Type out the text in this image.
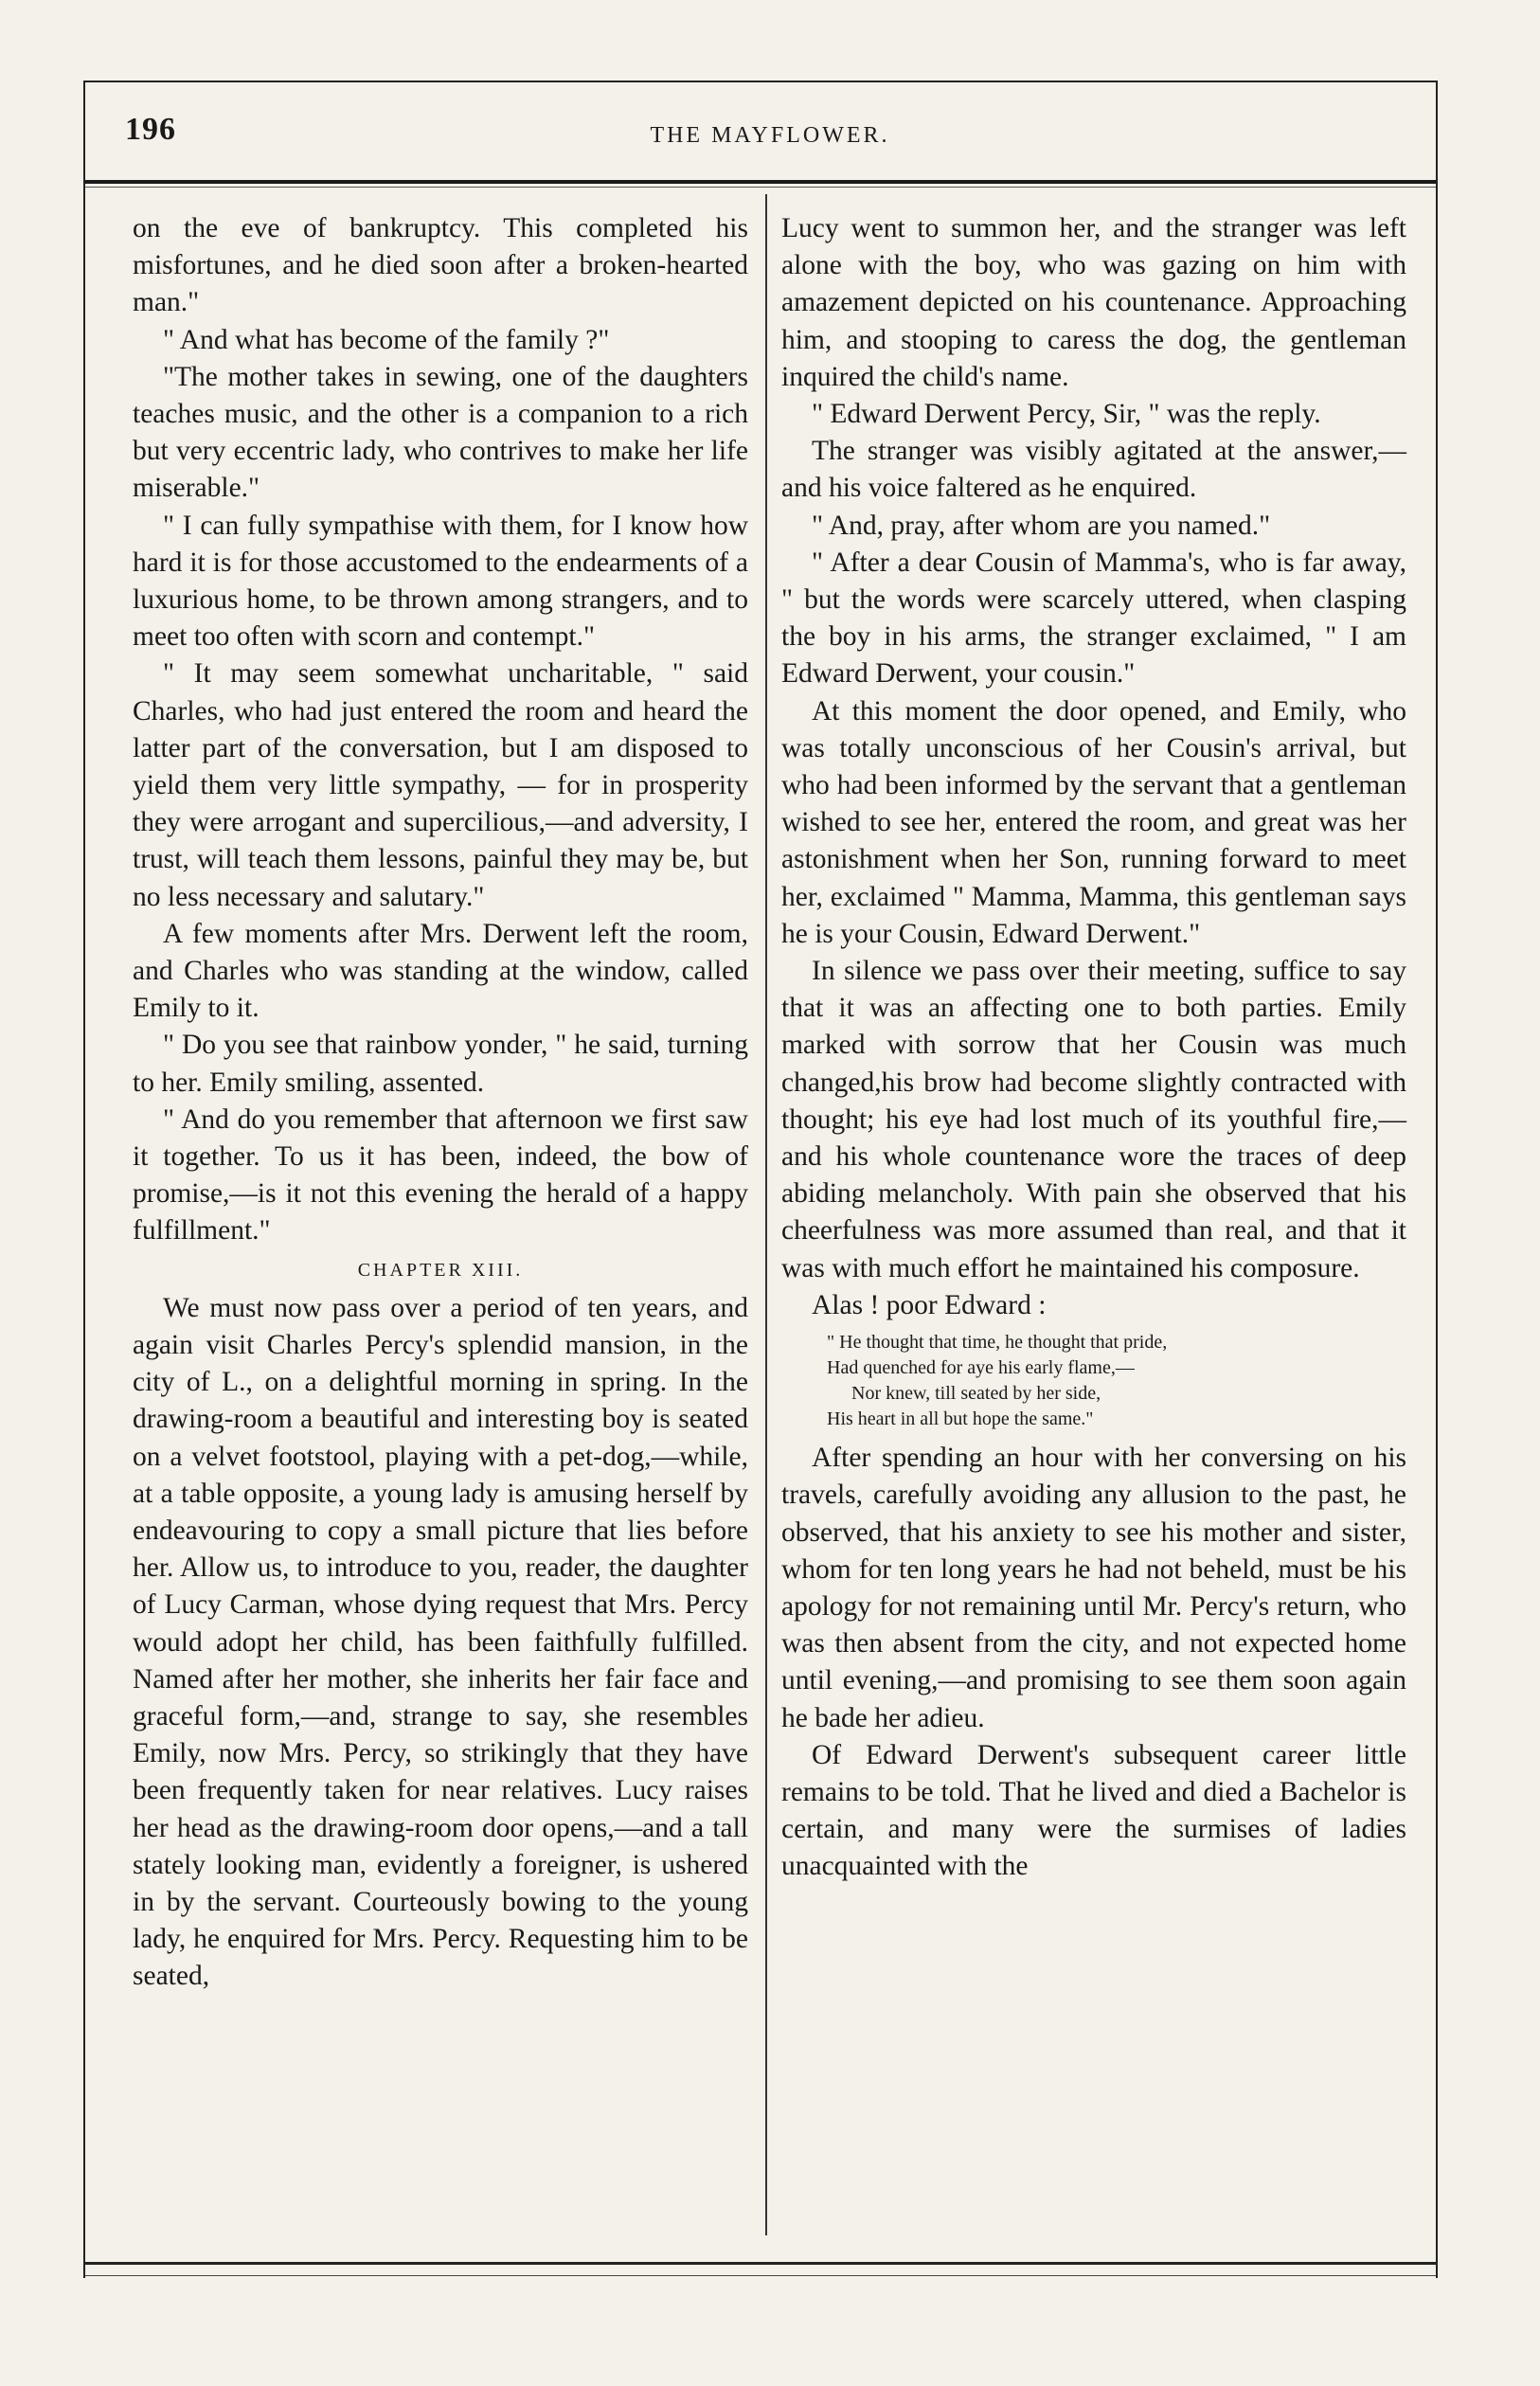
196	THE MAYFLOWER.

on the eve of bankruptcy. This completed his misfortunes, and he died soon after a broken-hearted man."

" And what has become of the family ?"

"The mother takes in sewing, one of the daughters teaches music, and the other is a companion to a rich but very eccentric lady, who contrives to make her life miserable."

" I can fully sympathise with them, for I know how hard it is for those accustomed to the endearments of a luxurious home, to be thrown among strangers, and to meet too often with scorn and contempt."

" It may seem somewhat uncharitable, " said Charles, who had just entered the room and heard the latter part of the conversation, but I am disposed to yield them very little sympathy, — for in prosperity they were arrogant and supercilious,—and adversity, I trust, will teach them lessons, painful they may be, but no less necessary and salutary."

A few moments after Mrs. Derwent left the room, and Charles who was standing at the window, called Emily to it.

" Do you see that rainbow yonder, " he said, turning to her. Emily smiling, assented.

" And do you remember that afternoon we first saw it together. To us it has been, indeed, the bow of promise,—is it not this evening the herald of a happy fulfillment."

CHAPTER XIII.

We must now pass over a period of ten years, and again visit Charles Percy's splendid mansion, in the city of L., on a delightful morning in spring. In the drawing-room a beautiful and interesting boy is seated on a velvet footstool, playing with a pet-dog,—while, at a table opposite, a young lady is amusing herself by endeavouring to copy a small picture that lies before her. Allow us, to introduce to you, reader, the daughter of Lucy Carman, whose dying request that Mrs. Percy would adopt her child, has been faithfully fulfilled. Named after her mother, she inherits her fair face and graceful form,—and, strange to say, she resembles Emily, now Mrs. Percy, so strikingly that they have been frequently taken for near relatives. Lucy raises her head as the drawing-room door opens,—and a tall stately looking man, evidently a foreigner, is ushered in by the servant. Courteously bowing to the young lady, he enquired for Mrs. Percy. Requesting him to be seated,

Lucy went to summon her, and the stranger was left alone with the boy, who was gazing on him with amazement depicted on his countenance. Approaching him, and stooping to caress the dog, the gentleman inquired the child's name.

" Edward Derwent Percy, Sir, " was the reply.

The stranger was visibly agitated at the answer,—and his voice faltered as he enquired.

" And, pray, after whom are you named."

" After a dear Cousin of Mamma's, who is far away, " but the words were scarcely uttered, when clasping the boy in his arms, the stranger exclaimed, " I am Edward Derwent, your cousin."

At this moment the door opened, and Emily, who was totally unconscious of her Cousin's arrival, but who had been informed by the servant that a gentleman wished to see her, entered the room, and great was her astonishment when her Son, running forward to meet her, exclaimed " Mamma, Mamma, this gentleman says he is your Cousin, Edward Derwent."

In silence we pass over their meeting, suffice to say that it was an affecting one to both parties. Emily marked with sorrow that her Cousin was much changed,his brow had become slightly contracted with thought; his eye had lost much of its youthful fire,— and his whole countenance wore the traces of deep abiding melancholy. With pain she observed that his cheerfulness was more assumed than real, and that it was with much effort he maintained his composure.

Alas ! poor Edward :

" He thought that time, he thought that pride,
Had quenched for aye his early flame,—
Nor knew, till seated by her side,
His heart in all but hope the same."

After spending an hour with her conversing on his travels, carefully avoiding any allusion to the past, he observed, that his anxiety to see his mother and sister, whom for ten long years he had not beheld, must be his apology for not remaining until Mr. Percy's return, who was then absent from the city, and not expected home until evening,—and promising to see them soon again he bade her adieu.

Of Edward Derwent's subsequent career little remains to be told. That he lived and died a Bachelor is certain, and many were the surmises of ladies unacquainted with the
